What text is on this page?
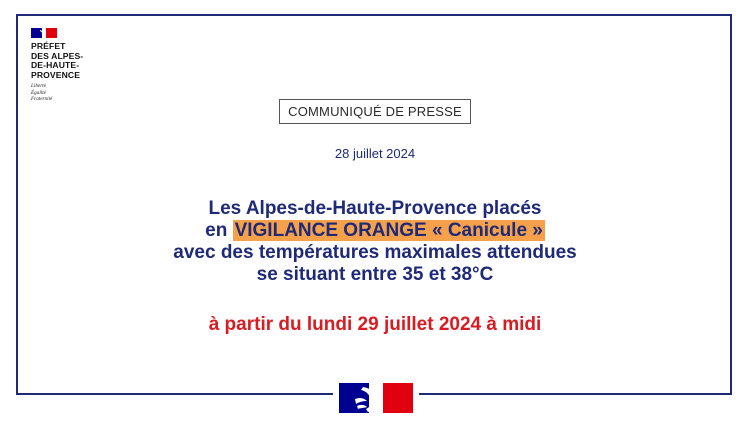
PRÉFET
DES ALPES-
DE-HAUTE-
PROVENCE
Liberté
Égalité
Fraternité
COMMUNIQUÉ DE PRESSE
28 juillet 2024
Les Alpes-de-Haute-Provence placés
en VIGILANCE ORANGE « Canicule »
avec des températures maximales attendues
se situant entre 35 et 38°C
à partir du lundi 29 juillet 2024 à midi
